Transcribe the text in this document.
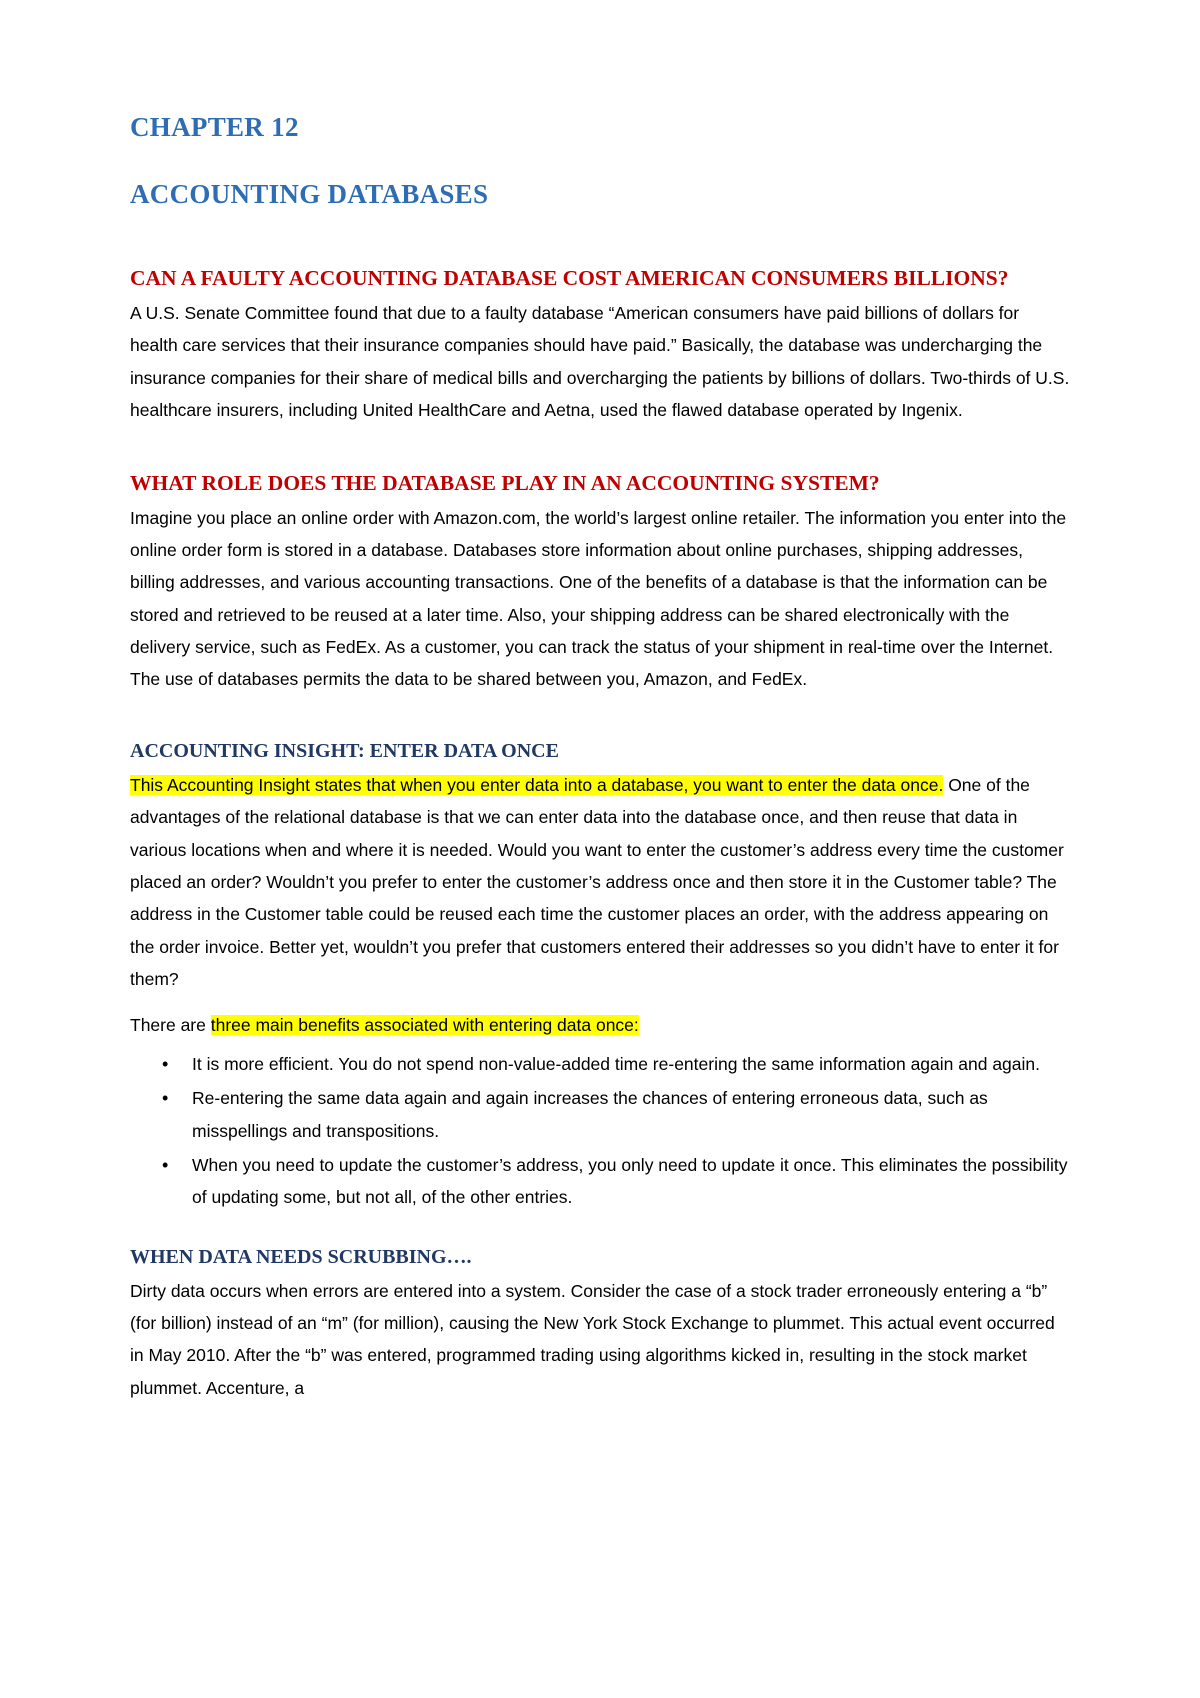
CHAPTER 12
ACCOUNTING DATABASES
CAN A FAULTY ACCOUNTING DATABASE COST AMERICAN CONSUMERS BILLIONS?

A U.S. Senate Committee found that due to a faulty database “American consumers have paid billions of dollars for health care services that their insurance companies should have paid.” Basically, the database was undercharging the insurance companies for their share of medical bills and overcharging the patients by billions of dollars. Two-thirds of U.S. healthcare insurers, including United HealthCare and Aetna, used the flawed database operated by Ingenix.

WHAT ROLE DOES THE DATABASE PLAY IN AN ACCOUNTING SYSTEM?

Imagine you place an online order with Amazon.com, the world’s largest online retailer. The information you enter into the online order form is stored in a database. Databases store information about online purchases, shipping addresses, billing addresses, and various accounting transactions. One of the benefits of a database is that the information can be stored and retrieved to be reused at a later time. Also, your shipping address can be shared electronically with the delivery service, such as FedEx. As a customer, you can track the status of your shipment in real-time over the Internet. The use of databases permits the data to be shared between you, Amazon, and FedEx.

ACCOUNTING INSIGHT: ENTER DATA ONCE

This Accounting Insight states that when you enter data into a database, you want to enter the data once. One of the advantages of the relational database is that we can enter data into the database once, and then reuse that data in various locations when and where it is needed. Would you want to enter the customer’s address every time the customer placed an order? Wouldn’t you prefer to enter the customer’s address once and then store it in the Customer table? The address in the Customer table could be reused each time the customer places an order, with the address appearing on the order invoice. Better yet, wouldn’t you prefer that customers entered their addresses so you didn’t have to enter it for them?

There are three main benefits associated with entering data once:

• It is more efficient. You do not spend non-value-added time re-entering the same information again and again.
• Re-entering the same data again and again increases the chances of entering erroneous data, such as misspellings and transpositions.
• When you need to update the customer’s address, you only need to update it once. This eliminates the possibility of updating some, but not all, of the other entries.
WHEN DATA NEEDS SCRUBBING….

Dirty data occurs when errors are entered into a system. Consider the case of a stock trader erroneously entering a “b” (for billion) instead of an “m” (for million), causing the New York Stock Exchange to plummet. This actual event occurred in May 2010. After the “b” was entered, programmed trading using algorithms kicked in, resulting in the stock market plummet. Accenture, a
